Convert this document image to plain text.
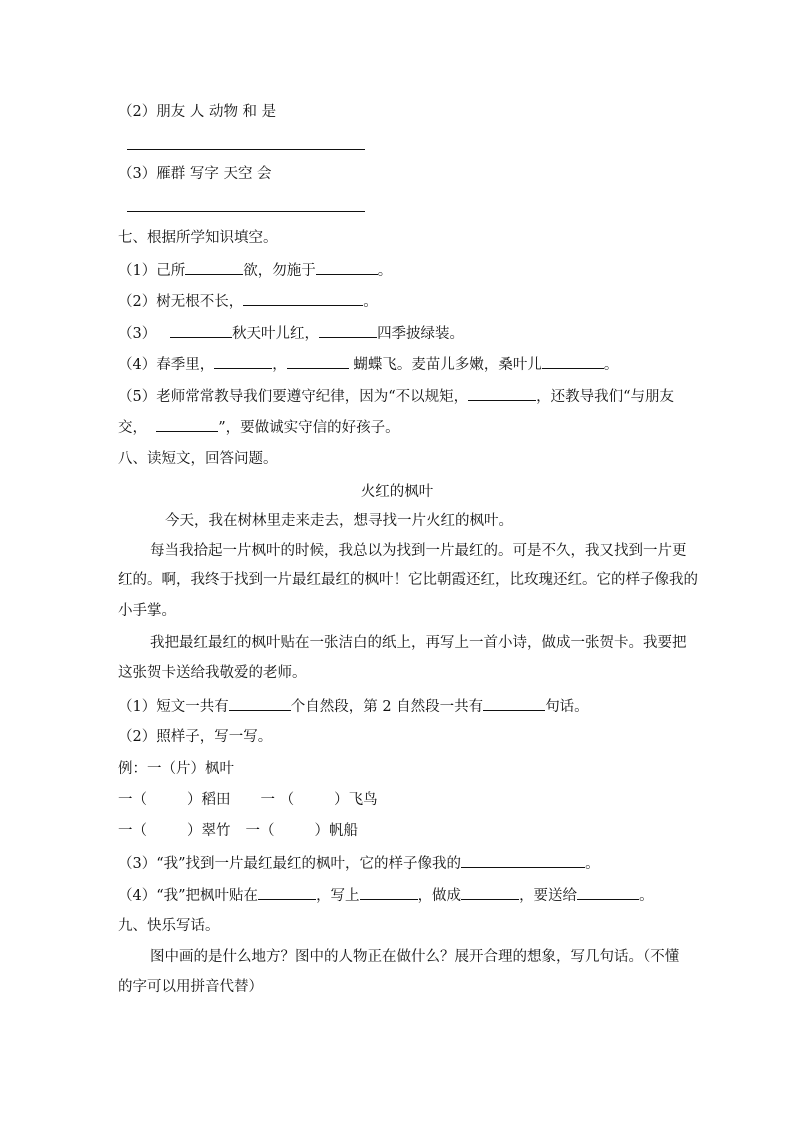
（2）朋友 人 动物 和 是
（3）雁群 写字 天空 会
七、根据所学知识填空。
（1）己所	欲，勿施于	。
（2）树无根不长，	。
（3）	秋天叶儿红，	四季披绿装。
（4）春季里，	，	蝴蝶飞。麦苗儿多嫩，桑叶儿	。
（5）老师常常教导我们要遵守纪律，因为“不以规矩，	，还教导我们“与朋友
交，	”，要做诚实守信的好孩子。
八、读短文，回答问题。
火红的枫叶
今天，我在树林里走来走去，想寻找一片火红的枫叶。
每当我拾起一片枫叶的时候，我总以为找到一片最红的。可是不久，我又找到一片更
红的。啊，我终于找到一片最红最红的枫叶！它比朝霞还红，比玫瑰还红。它的样子像我的
小手掌。
我把最红最红的枫叶贴在一张洁白的纸上，再写上一首小诗，做成一张贺卡。我要把
这张贺卡送给我敬爱的老师。
（1）短文一共有	个自然段，第 2 自然段一共有	句话。
（2）照样子，写一写。
例：一（片）枫叶
一（	）稻田 一 （	）飞鸟
一（	）翠竹 一（	）帆船
（3）“我”找到一片最红最红的枫叶，它的样子像我的	。
（4）“我”把枫叶贴在	，写上	，做成	，要送给	。
九、快乐写话。
图中画的是什么地方？图中的人物正在做什么？展开合理的想象，写几句话。（不懂
的字可以用拼音代替）
